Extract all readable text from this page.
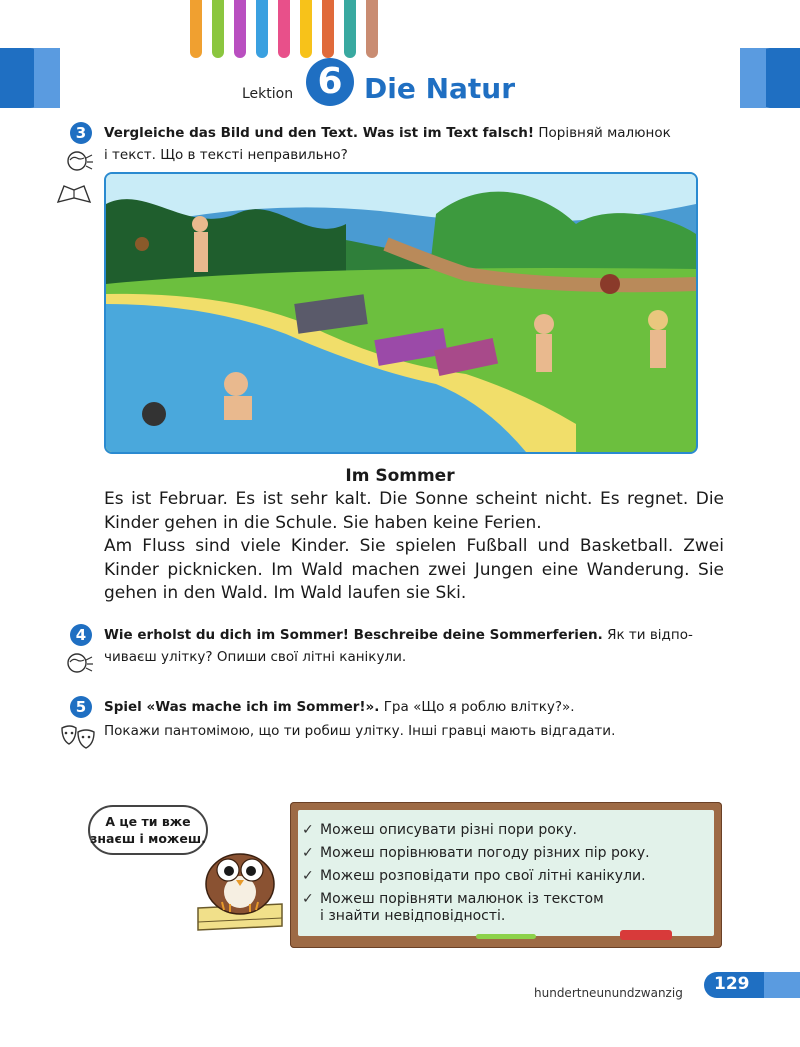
Lektion 6 Die Natur
3	Vergleiche das Bild und den Text. Was ist im Text falsch! Порівняй малюнок
і текст. Що в тексті неправильно?
Im Sommer

Es ist Februar. Es ist sehr kalt. Die Sonne scheint nicht. Es regnet. Die Kinder gehen in die Schule. Sie haben keine Ferien.

Am Fluss sind viele Kinder. Sie spielen Fußball und Basketball. Zwei Kinder picknicken. Im Wald machen zwei Jungen eine Wanderung. Sie gehen in den Wald. Im Wald laufen sie Ski.

4	Wie erholst du dich im Sommer! Beschreibe deine Sommerferien. Як ти відпо-
чиваєш улітку? Опиши свої літні канікули.
5	Spiel «Was mache ich im Sommer!». Гра «Що я роблю влітку?».
Покажи пантомімою, що ти робиш улітку. Інші гравці мають відгадати.
А це ти вже
знаєш і можеш.
✓ Можеш описувати різні пори року.
✓ Можеш порівнювати погоду різних пір року.
✓ Можеш розповідати про свої літні канікули.
✓ Можеш порівняти малюнок із текстом
і знайти невідповідності.
hundertneunundzwanzig 129
